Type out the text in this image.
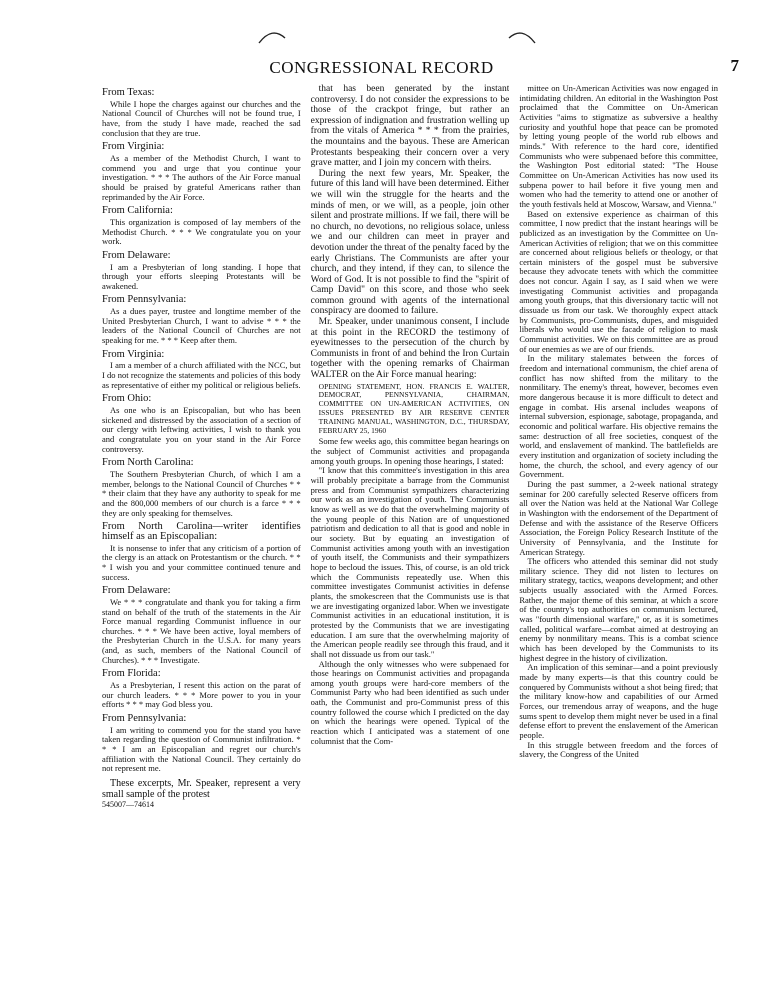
CONGRESSIONAL RECORD	7
From Texas:

While I hope the charges against our churches and the National Council of Churches will not be found true, I have, from the study I have made, reached the sad conclusion that they are true.

From Virginia:

As a member of the Methodist Church, I want to commend you and urge that you continue your investigation. * * * The authors of the Air Force manual should be praised by grateful Americans rather than reprimanded by the Air Force.

From California:

This organization is composed of lay members of the Methodist Church. * * * We congratulate you on your work.

From Delaware:

I am a Presbyterian of long standing. I hope that through your efforts sleeping Protestants will be awakened.

From Pennsylvania:

As a dues payer, trustee and longtime member of the United Presbyterian Church, I want to advise * * * the leaders of the National Council of Churches are not speaking for me. * * * Keep after them.

From Virginia:

I am a member of a church affiliated with the NCC, but I do not recognize the statements and policies of this body as representative of either my political or religious beliefs.

From Ohio:

As one who is an Episcopalian, but who has been sickened and distressed by the association of a section of our clergy with leftwing activities, I wish to thank you and congratulate you on your stand in the Air Force controversy.

From North Carolina:

The Southern Presbyterian Church, of which I am a member, belongs to the National Council of Churches * * * their claim that they have any authority to speak for me and the 800,000 members of our church is a farce * * * they are only speaking for themselves.

From North Carolina—writer identifies himself as an Episcopalian:

It is nonsense to infer that any criticism of a portion of the clergy is an attack on Protestantism or the church. * * * I wish you and your committee continued tenure and success.

From Delaware:

We * * * congratulate and thank you for taking a firm stand on behalf of the truth of the statements in the Air Force manual regarding Communist influence in our churches. * * * We have been active, loyal members of the Presbyterian Church in the U.S.A. for many years (and, as such, members of the National Council of Churches). * * * Investigate.

From Florida:

As a Presbyterian, I resent this action on the parat of our church leaders. * * * More power to you in your efforts * * * may God bless you.

From Pennsylvania:

I am writing to commend you for the stand you have taken regarding the question of Communist infiltration. * * * I am an Episcopalian and regret our church's affiliation with the National Council. They certainly do not represent me.

These excerpts, Mr. Speaker, represent a very small sample of the protest

545007—74614

that has been generated by the instant controversy. I do not consider the expressions to be those of the crackpot fringe, but rather an expression of indignation and frustration welling up from the vitals of America * * * from the prairies, the mountains and the bayous. These are American Protestants bespeaking their concern over a very grave matter, and I join my concern with theirs.

During the next few years, Mr. Speaker, the future of this land will have been determined. Either we will win the struggle for the hearts and the minds of men, or we will, as a people, join other silent and prostrate millions. If we fail, there will be no church, no devotions, no religious solace, unless we and our children can meet in prayer and devotion under the threat of the penalty faced by the early Christians. The Communists are after your church, and they intend, if they can, to silence the Word of God. It is not possible to find the "spirit of Camp David" on this score, and those who seek common ground with agents of the international conspiracy are doomed to failure.

Mr. Speaker, under unanimous consent, I include at this point in the RECORD the testimony of eyewitnesses to the persecution of the church by Communists in front of and behind the Iron Curtain together with the opening remarks of Chairman WALTER on the Air Force manual hearing:

OPENING STATEMENT, HON. FRANCIS E. WALTER, DEMOCRAT, PENNSYLVANIA, CHAIRMAN, COMMITTEE ON UN-AMERICAN ACTIVITIES, ON ISSUES PRESENTED BY AIR RESERVE CENTER TRAINING MANUAL, WASHINGTON, D.C., THURSDAY, FEBRUARY 25, 1960

Some few weeks ago, this committee began hearings on the subject of Communist activities and propaganda among youth groups. In opening those hearings, I stated:

"I know that this committee's investigation in this area will probably precipitate a barrage from the Communist press and from Communist sympathizers characterizing our work as an investigation of youth. The Communists know as well as we do that the overwhelming majority of the young people of this Nation are of unquestioned patriotism and dedication to all that is good and noble in our society. But by equating an investigation of Communist activities among youth with an investigation of youth itself, the Communists and their sympathizers hope to becloud the issues. This, of course, is an old trick which the Communists repeatedly use. When this committee investigates Communist activities in defense plants, the smokescreen that the Communists use is that we are investigating organized labor. When we investigate Communist activities in an educational institution, it is protested by the Communists that we are investigating education. I am sure that the overwhelming majority of the American people readily see through this fraud, and it shall not dissuade us from our task."

Although the only witnesses who were subpenaed for those hearings on Communist activities and propaganda among youth groups were hard-core members of the Communist Party who had been identified as such under oath, the Communist and pro-Communist press of this country followed the course which I predicted on the day on which the hearings were opened. Typical of the reaction which I anticipated was a statement of one columnist that the Com-

mittee on Un-American Activities was now engaged in intimidating children. An editorial in the Washington Post proclaimed that the Committee on Un-American Activities "aims to stigmatize as subversive a healthy curiosity and youthful hope that peace can be promoted by letting young people of the world rub elbows and minds." With reference to the hard core, identified Communists who were subpenaed before this committee, the Washington Post editorial stated: "The House Committee on Un-American Activities has now used its subpena power to hail before it five young men and women who had the temerity to attend one or another of the youth festivals held at Moscow, Warsaw, and Vienna."

Based on extensive experience as chairman of this committee, I now predict that the instant hearings will be publicized as an investigation by the Committee on Un-American Activities of religion; that we on this committee are concerned about religious beliefs or theology, or that certain ministers of the gospel must be subversive because they advocate tenets with which the committee does not concur. Again I say, as I said when we were investigating Communist activities and propaganda among youth groups, that this diversionary tactic will not dissuade us from our task. We thoroughly expect attack by Communists, pro-Communists, dupes, and misguided liberals who would use the facade of religion to mask Communist activities. We on this committee are as proud of our enemies as we are of our friends.

In the military stalemates between the forces of freedom and international communism, the chief arena of conflict has now shifted from the military to the nonmilitary. The enemy's threat, however, becomes even more dangerous because it is more difficult to detect and engage in combat. His arsenal includes weapons of internal subversion, espionage, sabotage, propaganda, and economic and political warfare. His objective remains the same: destruction of all free societies, conquest of the world, and enslavement of mankind. The battlefields are every institution and organization of society including the home, the church, the school, and every agency of our Government.

During the past summer, a 2-week national strategy seminar for 200 carefully selected Reserve officers from all over the Nation was held at the National War College in Washington with the endorsement of the Department of Defense and with the assistance of the Reserve Officers Association, the Foreign Policy Research Institute of the University of Pennsylvania, and the Institute for American Strategy.

The officers who attended this seminar did not study military science. They did not listen to lectures on military strategy, tactics, weapons development; and other subjects usually associated with the Armed Forces. Rather, the major theme of this seminar, at which a score of the country's top authorities on communism lectured, was "fourth dimensional warfare," or, as it is sometimes called, political warfare—combat aimed at destroying an enemy by nonmilitary means. This is a combat science which has been developed by the Communists to its highest degree in the history of civilization.

An implication of this seminar—and a point previously made by many experts—is that this country could be conquered by Communists without a shot being fired; that the military know-how and capabilities of our Armed Forces, our tremendous array of weapons, and the huge sums spent to develop them might never be used in a final defense effort to prevent the enslavement of the American people.

In this struggle between freedom and the forces of slavery, the Congress of the United
